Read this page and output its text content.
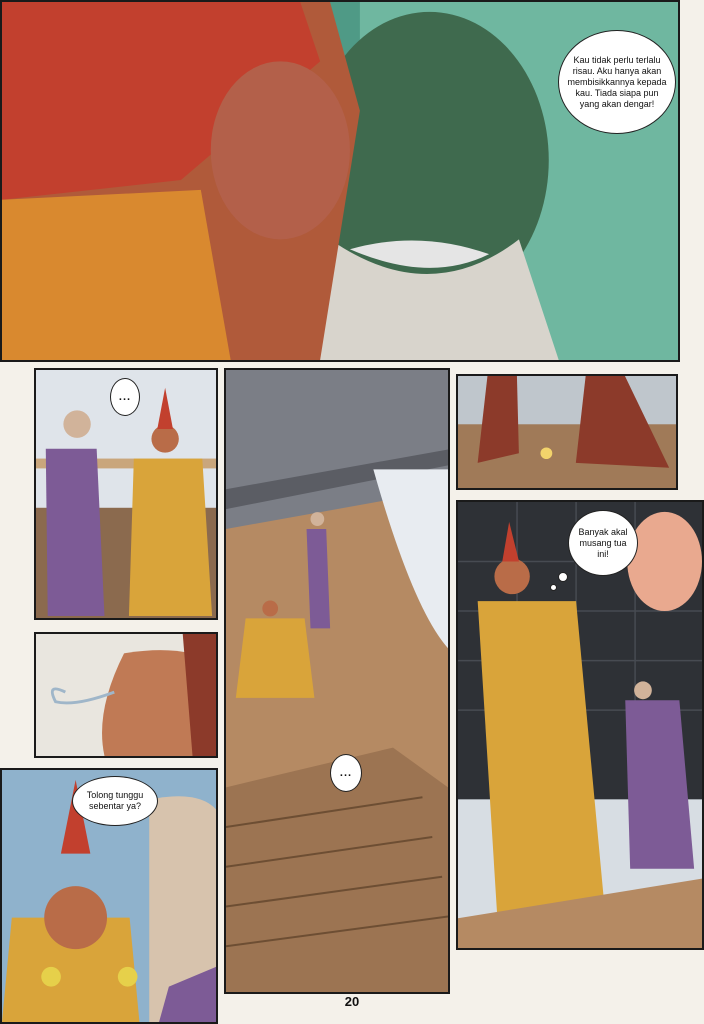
Kau tidak perlu terlalu risau. Aku hanya akan membisikkannya kepada kau. Tiada siapa pun yang akan dengar!
...
Tolong tunggu sebentar ya?
...
Banyak akal musang tua ini!
20
